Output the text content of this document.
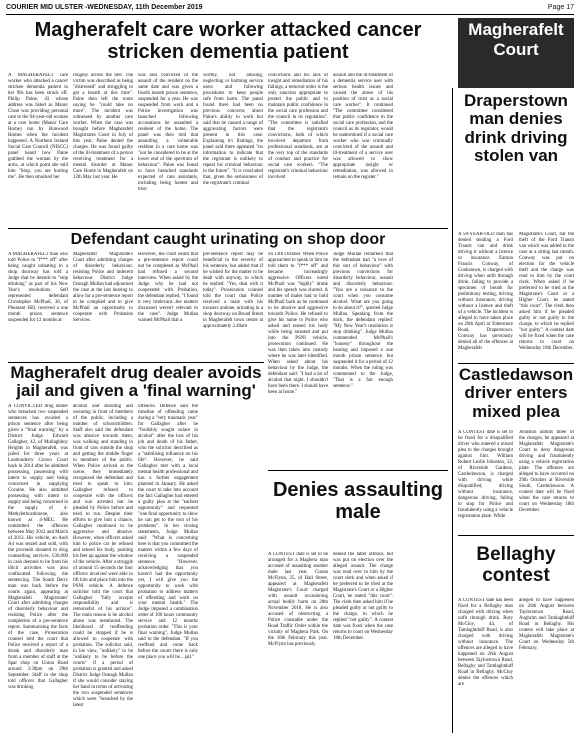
COURIER MID ULSTER -WEDNESDAY, 11th December 2019	Page 17
Magherafelt care worker attacked cancer stricken dementia patient
A MAGHERAFELT care worker who attacked a cancer stricken dementia patient in her 90s has been struck off. Philip Paine, 43 whose address was listed as Manor Close was providing personal care to the 94-year-old woman at a care home (Manor Care Home) run by Runwood Homes when the incident happened. A Northern Ireland Social Care Council (NISCC) panel heard how Paine grabbed the woman by the arms, at which point she told him "Stop, you are hurting me". He then smacked her
roughly across the bed. The victim was described as being "distressed" and struggling to get a breath at this time". Paine then left the room saying he "could take no more". The incident was witnessed by another care worker. When the case was brought before Magherafelt Magistrates Court in July of this year, Paine denied the charges. He was found guilty of the ill-treatment of a person receiving treatment for a mental disorder at Manor Care Home in Magherafelt on 12th May last year. He
was also convicted of the assault of the resident on the same date and was given a fourth month prison sentence, suspended for a year. He was suspended from work and a Police investigation was launched following accusations he assaulted a resident of the home. The panel was then told that assaulting a vulnerable resident in a care home was "not be considered to be at the lower end of the spectrum of behaviour". Paine was found to have breached standards expected of care assistants, including being honest and trust
worthy, not abusing, neglecting or harming service users and following procedures to keep people safe from harm. The panel found there had been no previous concerns about Paine's ability to work but said that he caused a range of aggravating factors were present in this case. Explaining it's findings, the panel said there appeared "no information to indicate that the registrant is unlikely to repeat his criminal behaviour in the future". "It is concluded that, given the seriousness of the registrant's criminal
convictions and his lack of insight and remediation of his failings, a removal order is the only sanction appropriate to protect the public and to maintain public confidence in the social care profession and the council in its regulation". "The committee is satisfied that the registrant's convictions, both of which involved departure from professional standards, are at the very top of the standards of conduct and practice for social care workers. "The registrant's criminal behaviour involved
assault and the ill-treatment of a dementia service user with serious health issues and caused the abuse of his position of trust as a social care worker". It continued "The committee considered that public confidence in the social care profession, and the council as its regulator, would be undermined if a social care worker who was criminally convicted of the assault and ill-treatment of a service user was allowed to show appropriate insight or remediation, was allowed to remain on the register."
Magherafelt
Court
Defendant caught urinating on shop door
A MAGHERAFELT man who told Police to "f*** off" after being caught urinating in a shop doorway has told a Judge that he intends to "stop drinking" as part of his New Year's resolutions. Self represented defendant Christopher McPhail, 30, of Pheasant Hill, received a one month prison sentence suspended for 12 months at
Magherafelt Magistrate's Court after admitting charges of disorderly behaviour, resisting Police and indecent behaviour. District Judge Oonagh Mullan had adjourned the case at the last hearing to allow for a pre-sentence report to be compiled and to give McPhail an opportunity to cooperate with Probation Services.
However, the court heard that a pre-sentence report could not be completed as McPhail had refused a second interview. When asked by the Judge why he had not cooperated with Probation, the defendant replied, "I found it very irrelevant...the matters discussed weren't relevant to the case". Judge Mullan warned McPhail that a
pre-sentence report may be beneficial in the severity of his sentence, but added that if he wished for the matter to be dealt with anyway, to which he replied: "Yes, deal with it today". Prosecution counsel told the court that Police received a male with his trousers undone, urinating in a shop doorway on Broad Street in Magherafelt town centre at approximately 2.40am
on 13th October. When Police approached to speak to him he told them to "f*** off" and became increasingly aggressive. Officers noted McPhail was "highly" drunk and his speech was slurred. A number of males had to hold McPhail back as he continued to be abusive and aggressive towards Police. He refused to give his name to Police who asked and tensed his body while being arrested and put into the PSNI vehicle, prosecution continued. He was then taken into custody where he was later identified. When asked about his behaviour by the Judge, the defendant said: "I had a lot of alcohol that night. I shouldn't have been there. I should have been at home."
Judge Mullan remarked that the defendant had "a love of this sort of behaviour" with previous convictions for disorderly behaviour, assault and disorderly behaviour. "You are a nuisance to the court when you consume alcohol. What are you going to do about it?", queried Judge Mullan. Speaking from the dock, the defendant replied: "My New Year's resolution is stop drinking". Judge Mullan commended McPhail's "honesty" throughout the hearing and imposed a one month prison sentence, but suspended it for a period of 12 months. When the ruling was commented to the Judge, "That is a fair enough sentence."
Magherafelt drug dealer avoids jail and given a 'final warning'
A CONVICTED drug dealer who breached two suspended sentences has avoided a prison sentence after being given a "final warning" by a District Judge. Edward Gallagher, 42, of Mullaghboy Heights in Magherafelt, was jailed for three years at Londonderry Crown Court back in 2014 after he admitted possessing, possessing with intent to supply and being concerned in supplying Cocaine. He also admitted possessing with intent to supply and being concerned in the supply of 4-Methylethcathinone, also known as 4-MEC. He committed the offences between May 2012 and March of 2013. His vehicle, an Audi A4 was seized and sold, with the proceeds donated to drug counselling services. £30,000 in cash deemed to be from his illicit activities was also confiscated following the sentencing. The South Derry man was back before the courts again, appearing at Magherafelt Magistrates' Court after admitting charges of disorderly behaviour and resisting Police after the completion of a pre-sentence report. Summarising the facts of the case, Prosecution counsel told the court that Police received a report of a drunk and disorderly man from a member of staff at the Spar shop on Union Road around 3:30pm on 29th September. Staff in the shop told officers that Gallagher was drinking
alcohol and shouting and swearing in front of members of the public, including a number of schoolchildren. Staff also said the defendant was abusive towards them, was walking and standing in front of cars outside the shop and getting the middle finger to members of the public. When Police arrived at the scene, they immediately recognised the defendant and tried to speak to him. Gallagher refused to cooperate with the officers and was arrested but he pleaded by Police before and tried to run. Despite their efforts to give him a chance, Gallagher continued to be aggressive and abusive. However, when officers asked him to police car he refused and tensed his body, pushing his feet up against the window of the vehicle. After a struggle of around 15 seconds the four officers involved were able to lift him and place him into the PSNI vehicle. A defence solicitor told the court that Gallagher "fully accepts responsibility and is remorseful of his actions". The main reason is he alcohol abuse was mentioned. The likelihood of reoffending could be stopped if he is allowed to cooperate with probation. The solicitor said, in his view, "unlikely" to be "unlikely to be before the courts" if a period of probation is granted and asked District Judge Oonagh Mullan if she would consider staying her hand in terms of activating the two suspended sentences which were "breached by the latest
offences. Defence said the timeline of offending came during a "very traumatic year" for Gallagher after he "foolishly sought solace in alcohol" after the loss of his job and death of his father, who the solicitor described as a "stabilising influence on his life". However, he said Gallagher met with a local mental health professional and has a further engagement planned in January. He asked the court to take into account the fact Gallagher had entered a guilty plea at the "earliest opportunity" and requested "one final opportunity to show he can get to the root of his problems". In her closing statements, Judge Mullan said: "What is concerning here is that you committed the matters within a few days of receiving a suspended sentence. "However, acknowledging that you haven't had the opportunity yet, I will give you the opportunity to work with probation to address matters of offending and work on your mental health." The Judge imposed a combination order of 100 hours community service and 12 months probation order. "This is your final warning", Judge Mullan said to the defendant. "If you reoffend and come back before the courts there is only one place you will be... jail."
Denies assaulting male
A CONTEST date is set to be arranged for a Maghera man accused of assaulting another male last year. Ciaran McFlynn, 25, of Hall Street, appeared at Magherafelt Magistrate's Court charged with assault occasioning actual bodily harm on 28th November 2018. He is also accused of obstructing a Police constable under the Road Traffic Order within the vicinity of Maghera Park. On the 18th February this year. McFlynn has previously
denied the latter offence, but was put on election over the alleged assault. The charge was read over to him by the court clerk and when asked if he preferred to be tried at the Magistrate's Court or a Higher Court, he stated "this court". The clerk then asked him if he pleaded guilty or not guilty to the charge, to which he replied "not guilty". A contest date was fixed when the case returns to court on Wednesday 18th December.
Draperstown man denies drink driving stolen van
A 58-YEAR-OLD man has denied stealing a Ford Transit van and drink driving it without a licence or insurance. Eamon Francis Conway, of Cookstown, is charged with driving when unfit through drink, failing to provide a specimen of breath for preliminary testing, driving without insurance, driving without a licence and theft of a vehicle. The incident is alleged to have taken place on 20th April at Tobermore Road, Draperstown. Conway has previously denied all of the offences at Magherafelt
Magistrate's Court, bar the theft of the Ford Transit van which was added to the case at a sitting last month. Conway was put on election for the vehicle theft and the charge was read to him by the court clerk. When asked if he preferred to be tried at the Magistrate's Court or a Higher Court, he stated "this court". The clerk then asked him if he pleaded guilty or not guilty to the charge, to which he replied "not guilty". A contest date will be fixed when the case returns to court on Wednesday 18th December.
Castledawson driver enters mixed plea
A CONTEST date is set to be fixed for a disqualified driver who entered a mixed plea to the charges brought against him. William Robert Leslie Johnston, 32, of Riverside Gardens, Castledawson, is charged with driving while disqualified, driving without insurance, dangerous driving, failing to stop for Police and fraudulently using a vehicle registration plate. While
Johnston admits three of the charges, he appeared at Magherafelt Magistrate's Court to deny dangerous driving and fraudulently using a vehicle registration plate. The offences are alleged to have occurred on 29th October at Riverside South, Castledawson. A contest date will be fixed when the case returns to court on Wednesday 18th December.
Bellaghy contest
A CONTEST date has been fixed for a Bellaghy man charged with driving when unfit through drink. Rory McCloy, 44, of Tamlaghtduff Road, is also charged with driving without insurance. The offences are alleged to have happened on 26th August between Taylorstown Road, Bellaghy and Tamlaghtduff Road in Bellaghy. McCloy denies the offences which are
alleged to have happened on 26th August between Taylorstown Road, Aughrim and Tamlaghtduff Road in Bellaghy. His contest will take place at Magherafelt Magistrate's Court on Wednesday 5th February.
